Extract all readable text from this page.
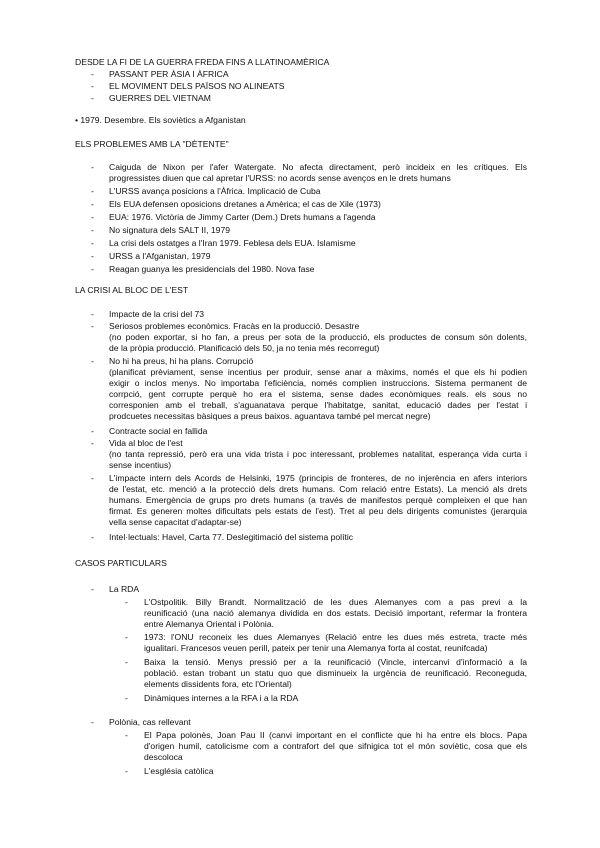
DESDE LA FI DE LA GUERRA FREDA FINS A LLATINOAMÈRICA
- PASSANT PER ÀSIA I ÀFRICA
- EL MOVIMENT DELS PAÏSOS NO ALINEATS
- GUERRES DEL VIETNAM
• 1979. Desembre. Els soviètics a Afganistan
ELS PROBLEMES AMB LA "DÈTENTE"
- Caiguda de Nixon per l'afer Watergate. No afecta directament, però incideix en les crítiques. Els
progressistes diuen que cal apretar l'URSS: no acords sense avenços en le drets humans
- L'URSS avança posicions a l'Àfrica. Implicació de Cuba
- Els EUA defensen oposicions dretanes a Amèrica; el cas de Xile (1973)
- EUA: 1976. Victòria de Jimmy Carter (Dem.) Drets humans a l'agenda
- No signatura dels SALT II, 1979
- La crisi dels ostatges a l'Iran 1979. Feblesa dels EUA. Islamisme
- URSS a l'Afganistan, 1979
- Reagan guanya les presidencials del 1980. Nova fase
LA CRISI AL BLOC DE L'EST
- Impacte de la crisi del 73
- Seriosos problemes econòmics. Fracàs en la producció. Desastre
(no poden exportar, si ho fan, a preus per sota de la producció, els productes de consum són dolents,
de la pròpia producció. Planificació dels 50, ja no tenia més recorregut)
- No hi ha preus, hi ha plans. Corrupció
(planificat prèviament, sense incentius per produir, sense anar a màxims, només el que els hi podien
exigir o inclos menys. No importaba l'eficiència, només complien instruccions. Sistema permanent de
corrpció, gent corrupte perquè ho era el sistema, sense dades econòmiques reals. els sous no
corresponien amb el treball, s'aguanatava perque l'habitatge, sanitat, educació dades per l'estat i
prodcuetes necessitas bàsiques a preus baixos. aguantava també pel mercat negre)
- Contracte social en fallida
- Vida al bloc de l'est
(no tanta repressió, però era una vida trista i poc interessant, problemes natalitat, esperança vida curta i
sense incentius)
- L'impacte intern dels Acords de Helsinki, 1975 (principis de fronteres, de no injerència en afers interiors
de l'estat, etc. menció a la protecció dels drets humans. Com relació entre Estats). La menció als drets
humans. Emergència de grups pro drets humans (a través de manifestos perquè compleixen el que han
firmat. Es generen moltes dificultats pels estats de l'est). Tret al peu dels dirigents comunistes (jerarquia
vella sense capacitat d'adaptar-se)
- Intel·lectuals: Havel, Carta 77. Deslegitimació del sistema polític
CASOS PARTICULARS
- La RDA
- L'Ostpolitik. Billy Brandt. Normalització de les dues Alemanyes com a pas previ a la
reunificació (una nació alemanya dividida en dos estats. Decisió important, refermar la frontera
entre Alemanya Oriental i Polònia.
- 1973: l'ONU reconeix les dues Alemanyes (Relació entre les dues més estreta, tracte més
igualitari. Francesos veuen perill, pateix per tenir una Alemanya forta al costat, reunifcada)
- Baixa la tensió. Menys pressió per a la reunificació (Vincle, intercanvi d'informació a la
població. estan trobant un statu quo que disminueix la urgència de reunificació. Reconeguda,
elements dissidents fora, etc l'Oriental)
- Dinàmiques internes a la RFA i a la RDA
- Polònia, cas rellevant
- El Papa polonès, Joan Pau II (canvi important en el conflicte que hi ha entre els blocs. Papa
d'origen humil, catolicisme com a contrafort del que sifnigica tot el món soviètic, cosa que els
descoloca
- L'església catòlica
